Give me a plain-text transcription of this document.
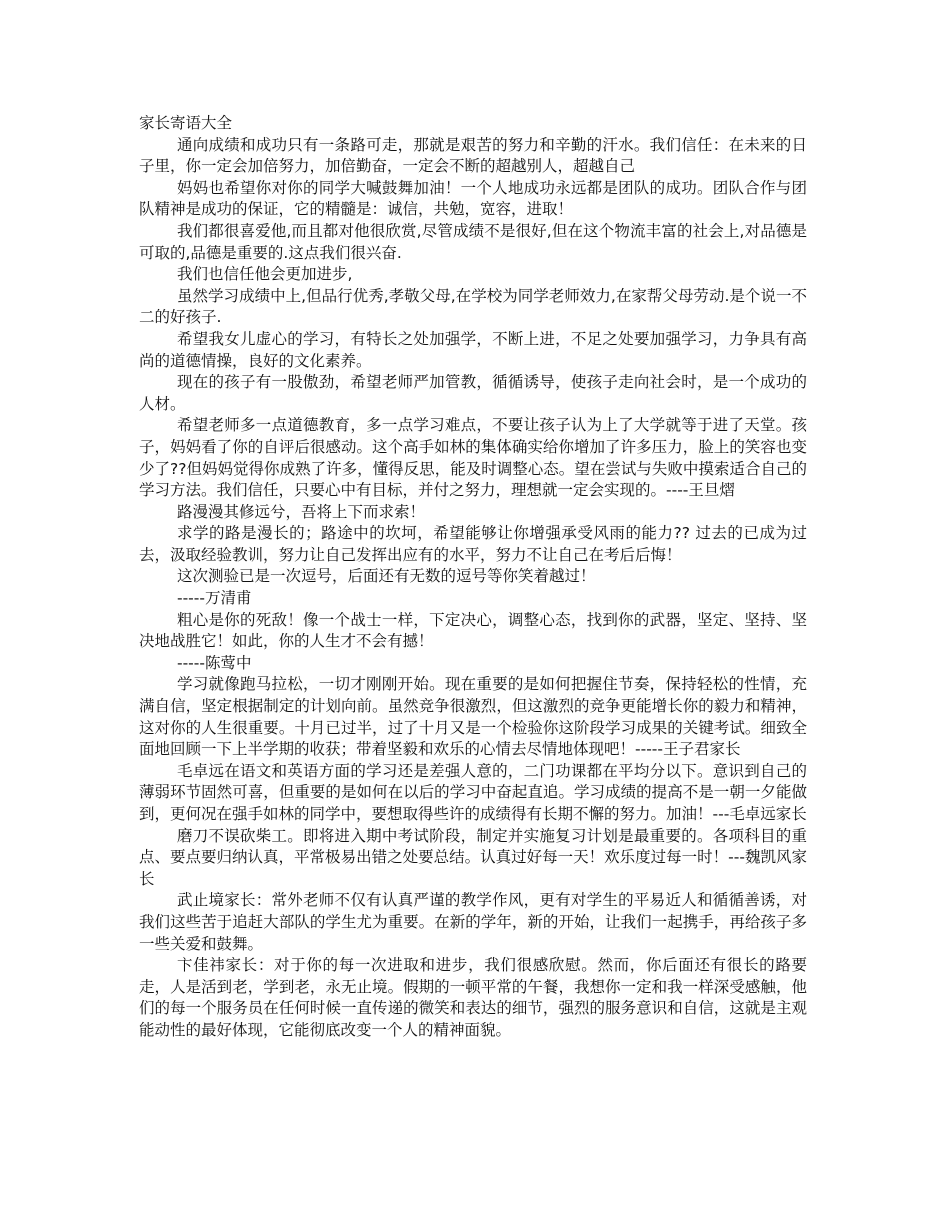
家长寄语大全

通向成绩和成功只有一条路可走，那就是艰苦的努力和辛勤的汗水。我们信任：在未来的日子里，你一定会加倍努力，加倍勤奋，一定会不断的超越别人，超越自己

妈妈也希望你对你的同学大喊鼓舞加油！一个人地成功永远都是团队的成功。团队合作与团队精神是成功的保证，它的精髓是：诚信，共勉，宽容，进取！

我们都很喜爱他,而且都对他很欣赏,尽管成绩不是很好,但在这个物流丰富的社会上,对品德是可取的,品德是重要的.这点我们很兴奋.

我们也信任他会更加进步,

虽然学习成绩中上,但品行优秀,孝敬父母,在学校为同学老师效力,在家帮父母劳动.是个说一不二的好孩子.

希望我女儿虚心的学习，有特长之处加强学，不断上进，不足之处要加强学习，力争具有高尚的道德情操，良好的文化素养。

现在的孩子有一股傲劲，希望老师严加管教，循循诱导，使孩子走向社会时，是一个成功的人材。

希望老师多一点道德教育，多一点学习难点，不要让孩子认为上了大学就等于进了天堂。孩子，妈妈看了你的自评后很感动。这个高手如林的集体确实给你增加了许多压力，脸上的笑容也变少了??但妈妈觉得你成熟了许多，懂得反思，能及时调整心态。望在尝试与失败中摸索适合自己的学习方法。我们信任，只要心中有目标，并付之努力，理想就一定会实现的。----王旦熠

路漫漫其修远兮，吾将上下而求索！

求学的路是漫长的；路途中的坎坷，希望能够让你增强承受风雨的能力?? 过去的已成为过去，汲取经验教训，努力让自己发挥出应有的水平，努力不让自己在考后后悔！

这次测验已是一次逗号，后面还有无数的逗号等你笑着越过！

-----万清甫

粗心是你的死敌！像一个战士一样，下定决心，调整心态，找到你的武器，坚定、坚持、坚决地战胜它！如此，你的人生才不会有撼！

-----陈莺中

学习就像跑马拉松，一切才刚刚开始。现在重要的是如何把握住节奏，保持轻松的性情，充满自信，坚定根据制定的计划向前。虽然竞争很激烈，但这激烈的竞争更能增长你的毅力和精神，这对你的人生很重要。十月已过半，过了十月又是一个检验你这阶段学习成果的关键考试。细致全面地回顾一下上半学期的收获；带着坚毅和欢乐的心情去尽情地体现吧！-----王子君家长

毛卓远在语文和英语方面的学习还是差强人意的，二门功课都在平均分以下。意识到自己的薄弱环节固然可喜，但重要的是如何在以后的学习中奋起直追。学习成绩的提高不是一朝一夕能做到，更何况在强手如林的同学中，要想取得些许的成绩得有长期不懈的努力。加油！---毛卓远家长

磨刀不误砍柴工。即将进入期中考试阶段，制定并实施复习计划是最重要的。各项科目的重点、要点要归纳认真，平常极易出错之处要总结。认真过好每一天！欢乐度过每一时！---魏凯风家长

武止境家长：常外老师不仅有认真严谨的教学作风，更有对学生的平易近人和循循善诱，对我们这些苦于追赶大部队的学生尤为重要。在新的学年，新的开始，让我们一起携手，再给孩子多一些关爱和鼓舞。

卞佳祎家长：对于你的每一次进取和进步，我们很感欣慰。然而，你后面还有很长的路要走，人是活到老，学到老，永无止境。假期的一顿平常的午餐，我想你一定和我一样深受感触，他们的每一个服务员在任何时候一直传递的微笑和表达的细节，强烈的服务意识和自信，这就是主观能动性的最好体现，它能彻底改变一个人的精神面貌。
